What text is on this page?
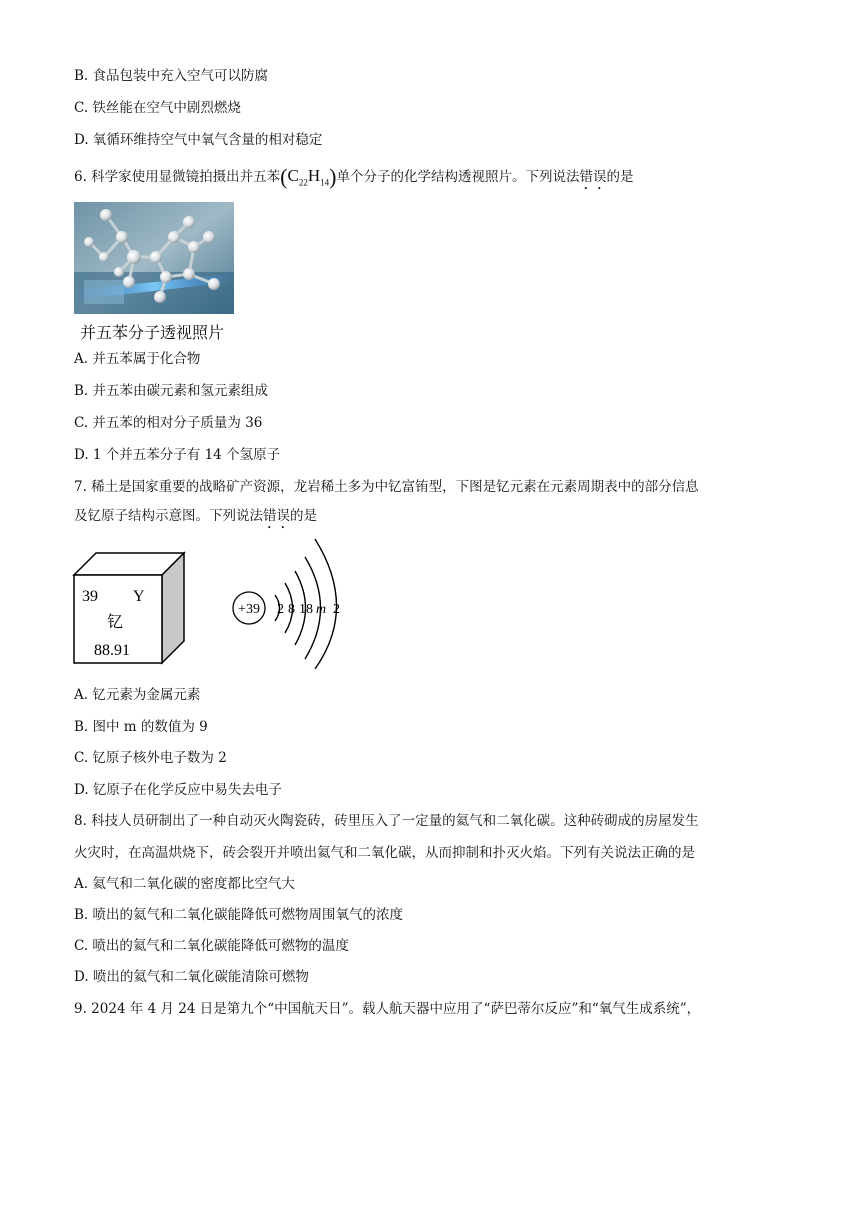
B. 食品包装中充入空气可以防腐
C. 铁丝能在空气中剧烈燃烧
D. 氧循环维持空气中氧气含量的相对稳定
6. 科学家使用显微镜拍摄出并五苯$(C_{22}H_{14})$单个分子的化学结构透视照片。下列说法错误的是
并五苯分子透视照片
A. 并五苯属于化合物
B. 并五苯由碳元素和氢元素组成
C. 并五苯的相对分子质量为 36
D. 1 个并五苯分子有 14 个氢原子
7. 稀土是国家重要的战略矿产资源，龙岩稀土多为中钇富铕型，下图是钇元素在元素周期表中的部分信息
及钇原子结构示意图。下列说法错误的是
39 Y
钇
88.91
+39 2 8 18 m 2
A. 钇元素为金属元素
B. 图中 m 的数值为 9
C. 钇原子核外电子数为 2
D. 钇原子在化学反应中易失去电子
8. 科技人员研制出了一种自动灭火陶瓷砖，砖里压入了一定量的氦气和二氧化碳。这种砖砌成的房屋发生
火灾时，在高温烘烧下，砖会裂开并喷出氦气和二氧化碳，从而抑制和扑灭火焰。下列有关说法正确的是
A. 氦气和二氧化碳的密度都比空气大
B. 喷出的氦气和二氧化碳能降低可燃物周围氧气的浓度
C. 喷出的氦气和二氧化碳能降低可燃物的温度
D. 喷出的氦气和二氧化碳能清除可燃物
9. 2024 年 4 月 24 日是第九个“中国航天日”。载人航天器中应用了“萨巴蒂尔反应”和“氧气生成系统”，
